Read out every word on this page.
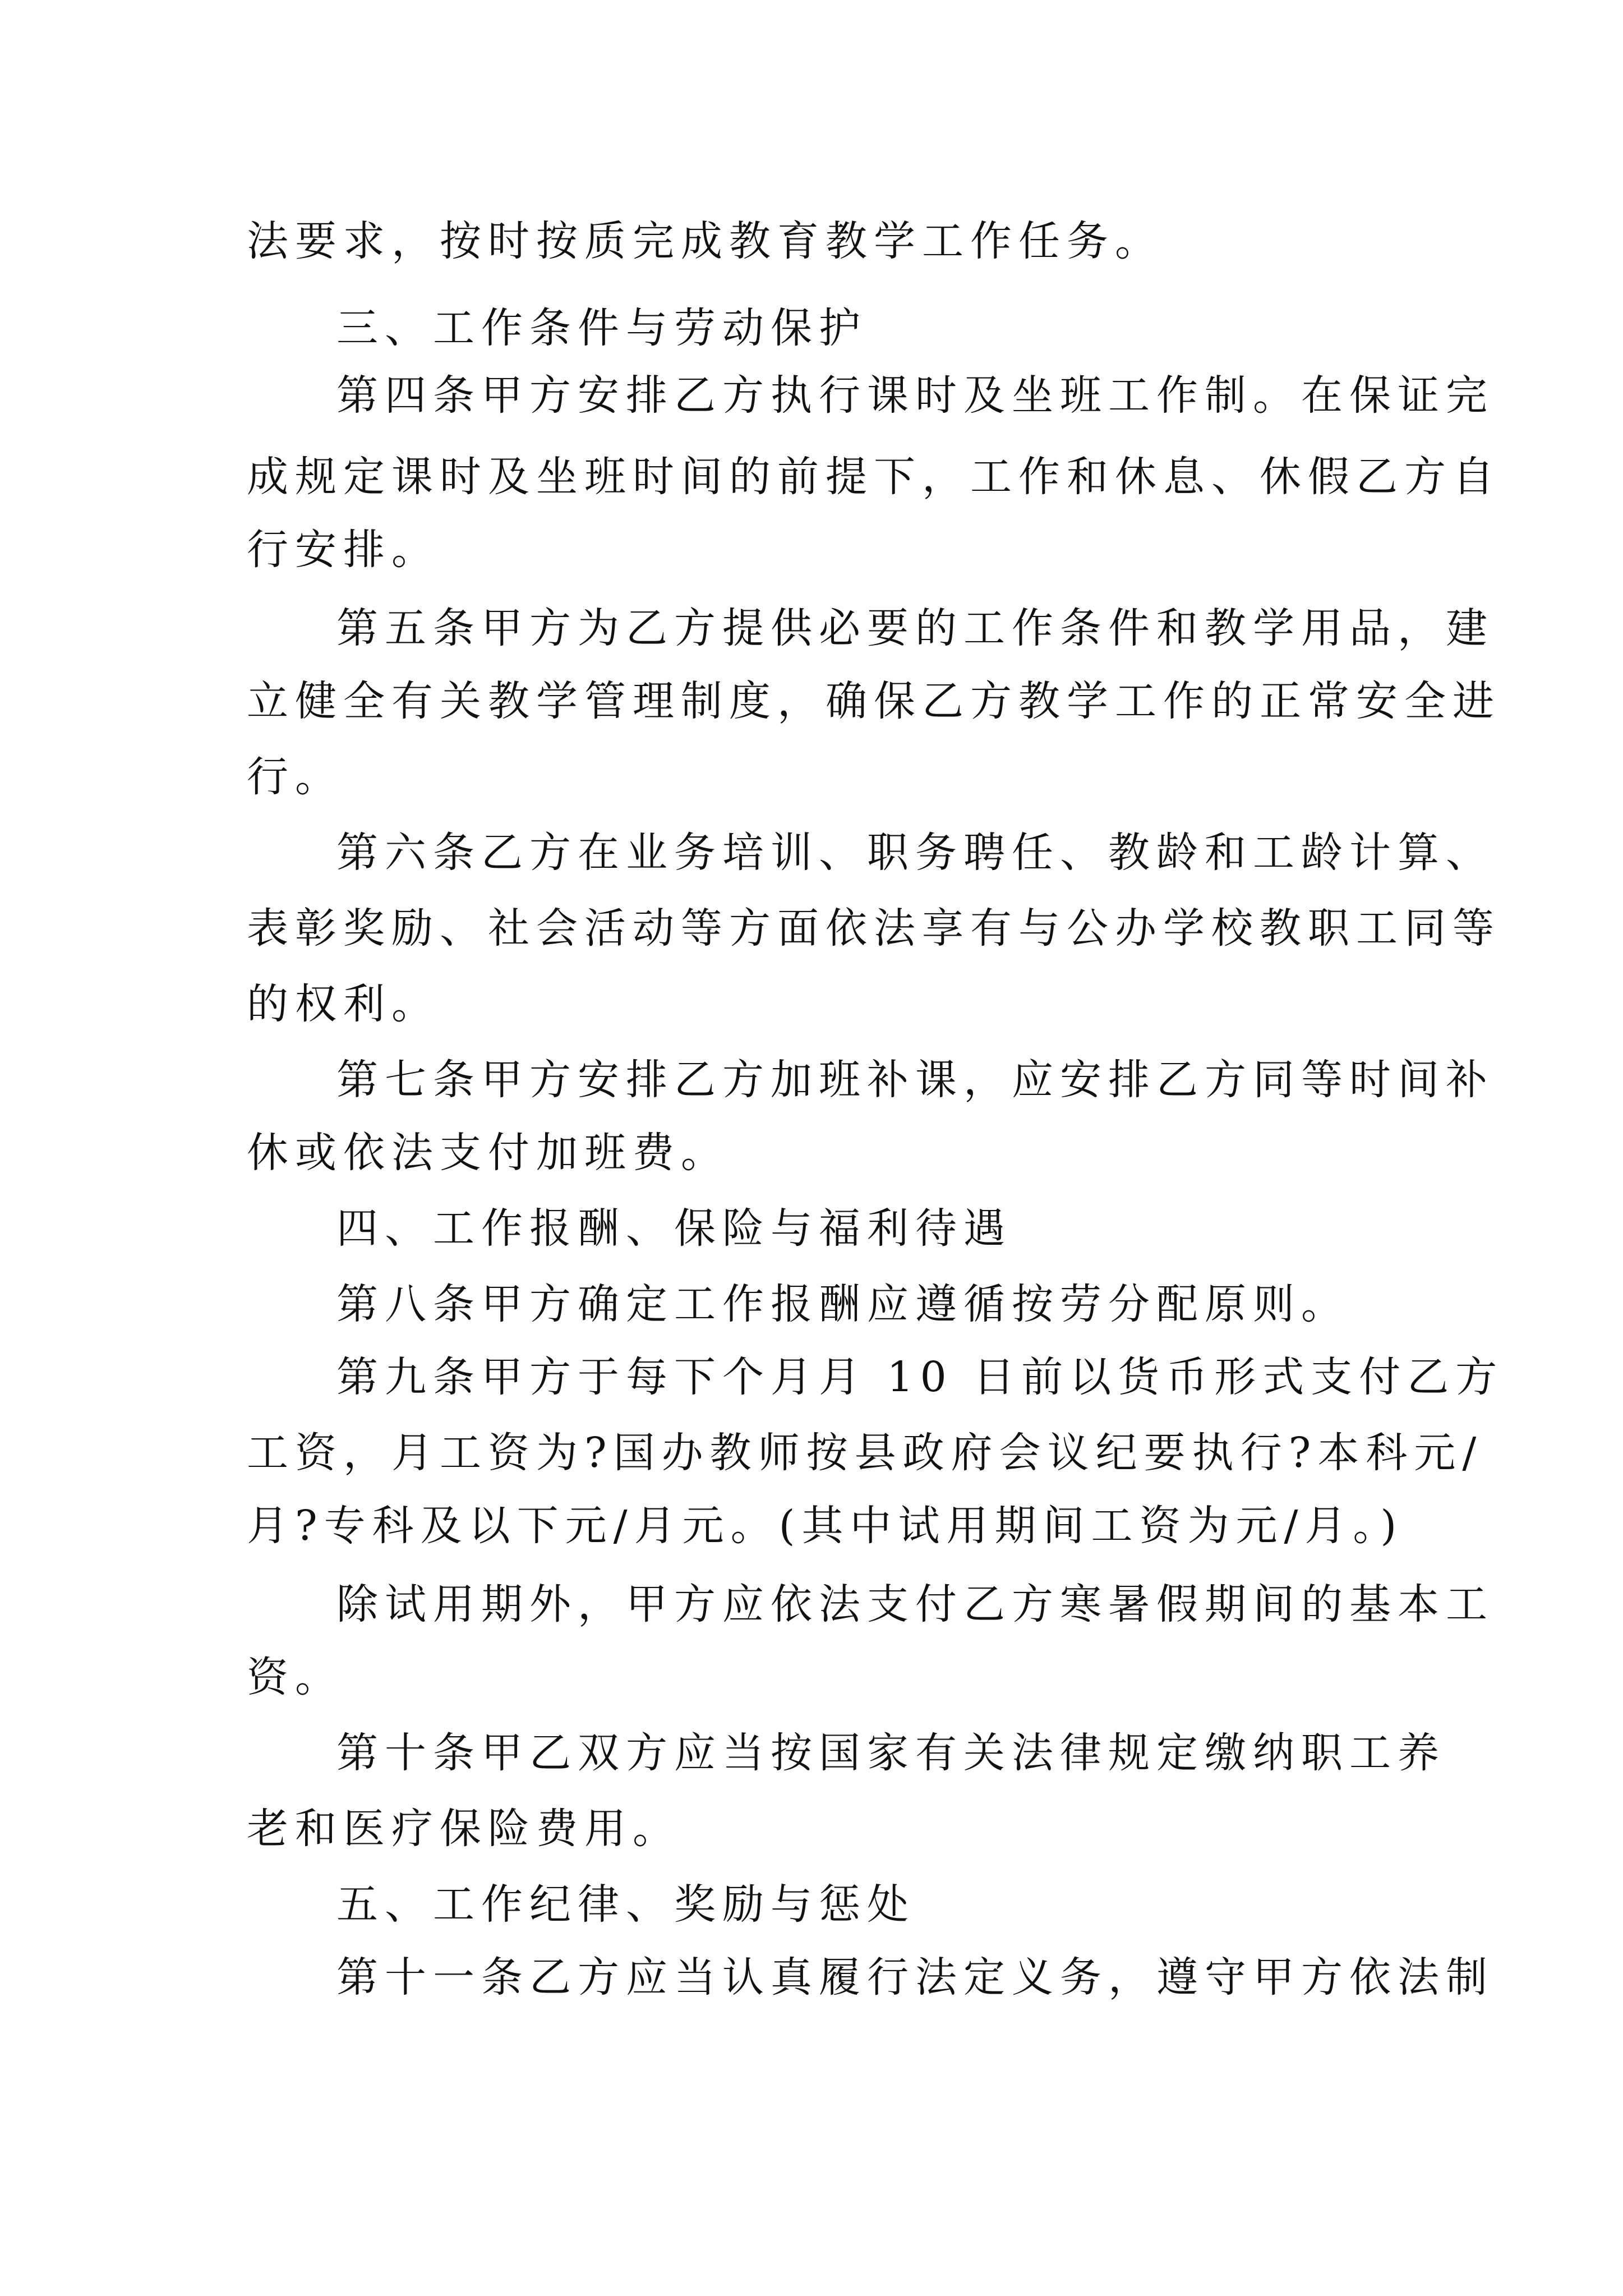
法要求，按时按质完成教育教学工作任务。
三、工作条件与劳动保护
第四条甲方安排乙方执行课时及坐班工作制。在保证完
成规定课时及坐班时间的前提下，工作和休息、休假乙方自
行安排。
第五条甲方为乙方提供必要的工作条件和教学用品，建
立健全有关教学管理制度，确保乙方教学工作的正常安全进
行。
第六条乙方在业务培训、职务聘任、教龄和工龄计算、
表彰奖励、社会活动等方面依法享有与公办学校教职工同等
的权利。
第七条甲方安排乙方加班补课，应安排乙方同等时间补
休或依法支付加班费。
四、工作报酬、保险与福利待遇
第八条甲方确定工作报酬应遵循按劳分配原则。
第九条甲方于每下个月月 10 日前以货币形式支付乙方
工资，月工资为?国办教师按县政府会议纪要执行?本科元/
月?专科及以下元/月元。(其中试用期间工资为元/月。)
除试用期外，甲方应依法支付乙方寒暑假期间的基本工
资。
第十条甲乙双方应当按国家有关法律规定缴纳职工养
老和医疗保险费用。
五、工作纪律、奖励与惩处
第十一条乙方应当认真履行法定义务，遵守甲方依法制
